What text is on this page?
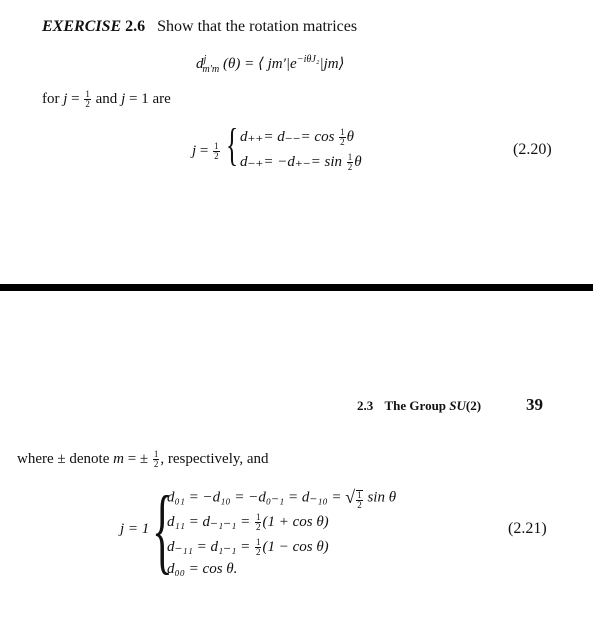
EXERCISE 2.6 Show that the rotation matrices
$d^j_{m'm}$ (θ) = ⟨ $jm'|e^{-i\theta J_2}|jm⟩$
for $j = \frac{1}{2}$ and j = 1 are
$j = \frac{1}{2}$ { $d_{++}= d_{--}= \cos \frac{1}{2}$ θ
$d_{-+}= -d_{+-}= \sin \frac{1}{2}$ θ
(2.20)
2.3 The Group SU(2)	39
where ± denote m = ± $\frac{1}{2}$ , respectively, and
j = 1 {
d₀₁ = −d₁₀ = −d₀₋₁ = d₋₁₀ = √ $\frac{1}{2}$ sin θ
$d_{11} = d_{-1-1} = \frac{1}{2} (1 + \cos \theta)$
$d_{-11} = d_{1-1} = \frac{1}{2} (1 - \cos \theta)$
d₀₀ = cos θ.
(2.21)
